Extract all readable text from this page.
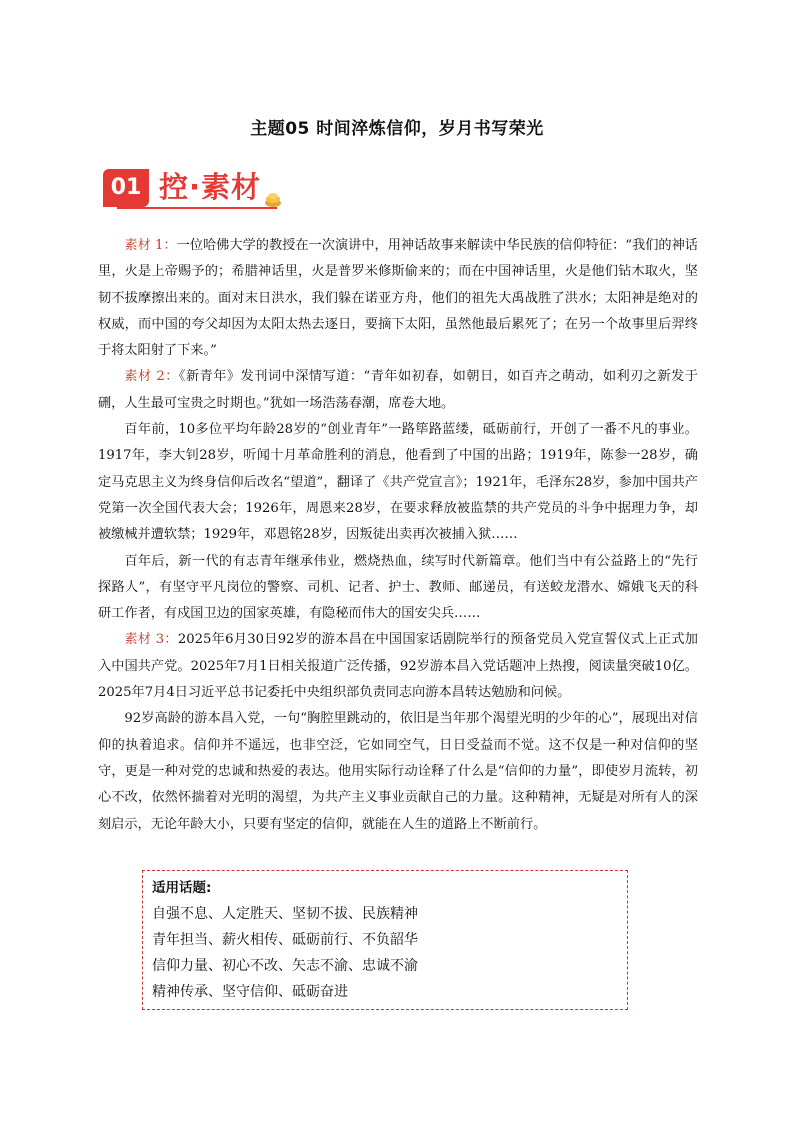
主题05 时间淬炼信仰，岁月书写荣光
01 控·素材

素材 1：一位哈佛大学的教授在一次演讲中，用神话故事来解读中华民族的信仰特征：“我们的神话里，火是上帝赐予的；希腊神话里，火是普罗米修斯偷来的；而在中国神话里，火是他们钻木取火，坚韧不拔摩擦出来的。面对末日洪水，我们躲在诺亚方舟，他们的祖先大禹战胜了洪水；太阳神是绝对的权威，而中国的夸父却因为太阳太热去逐日，要摘下太阳，虽然他最后累死了；在另一个故事里后羿终于将太阳射了下来。”

素材 2：《新青年》发刊词中深情写道：“青年如初春，如朝日，如百卉之萌动，如利刃之新发于硎，人生最可宝贵之时期也。”犹如一场浩荡春潮，席卷大地。

百年前，10多位平均年龄28岁的“创业青年”一路筚路蓝缕，砥砺前行，开创了一番不凡的事业。1917年，李大钊28岁，听闻十月革命胜利的消息，他看到了中国的出路；1919年，陈参一28岁，确定马克思主义为终身信仰后改名“望道”，翻译了《共产党宣言》；1921年，毛泽东28岁，参加中国共产党第一次全国代表大会；1926年，周恩来28岁，在要求释放被监禁的共产党员的斗争中据理力争，却被缴械并遭软禁；1929年，邓恩铭28岁，因叛徒出卖再次被捕入狱……

百年后，新一代的有志青年继承伟业，燃烧热血，续写时代新篇章。他们当中有公益路上的“先行探路人”，有坚守平凡岗位的警察、司机、记者、护士、教师、邮递员，有送蛟龙潜水、嫦娥飞天的科研工作者，有戍国卫边的国家英雄，有隐秘而伟大的国安尖兵……

素材 3：2025年6月30日92岁的游本昌在中国国家话剧院举行的预备党员入党宣誓仪式上正式加入中国共产党。2025年7月1日相关报道广泛传播，92岁游本昌入党话题冲上热搜，阅读量突破10亿。2025年7月4日习近平总书记委托中央组织部负责同志向游本昌转达勉励和问候。

92岁高龄的游本昌入党，一句“胸腔里跳动的，依旧是当年那个渴望光明的少年的心”，展现出对信仰的执着追求。信仰并不遥远，也非空泛，它如同空气，日日受益而不觉。这不仅是一种对信仰的坚守，更是一种对党的忠诚和热爱的表达。他用实际行动诠释了什么是“信仰的力量”，即使岁月流转，初心不改，依然怀揣着对光明的渴望，为共产主义事业贡献自己的力量。这种精神，无疑是对所有人的深刻启示，无论年龄大小，只要有坚定的信仰，就能在人生的道路上不断前行。

适用话题:
自强不息、人定胜天、坚韧不拔、民族精神
青年担当、薪火相传、砥砺前行、不负韶华
信仰力量、初心不改、矢志不渝、忠诚不渝
精神传承、坚守信仰、砥砺奋进
